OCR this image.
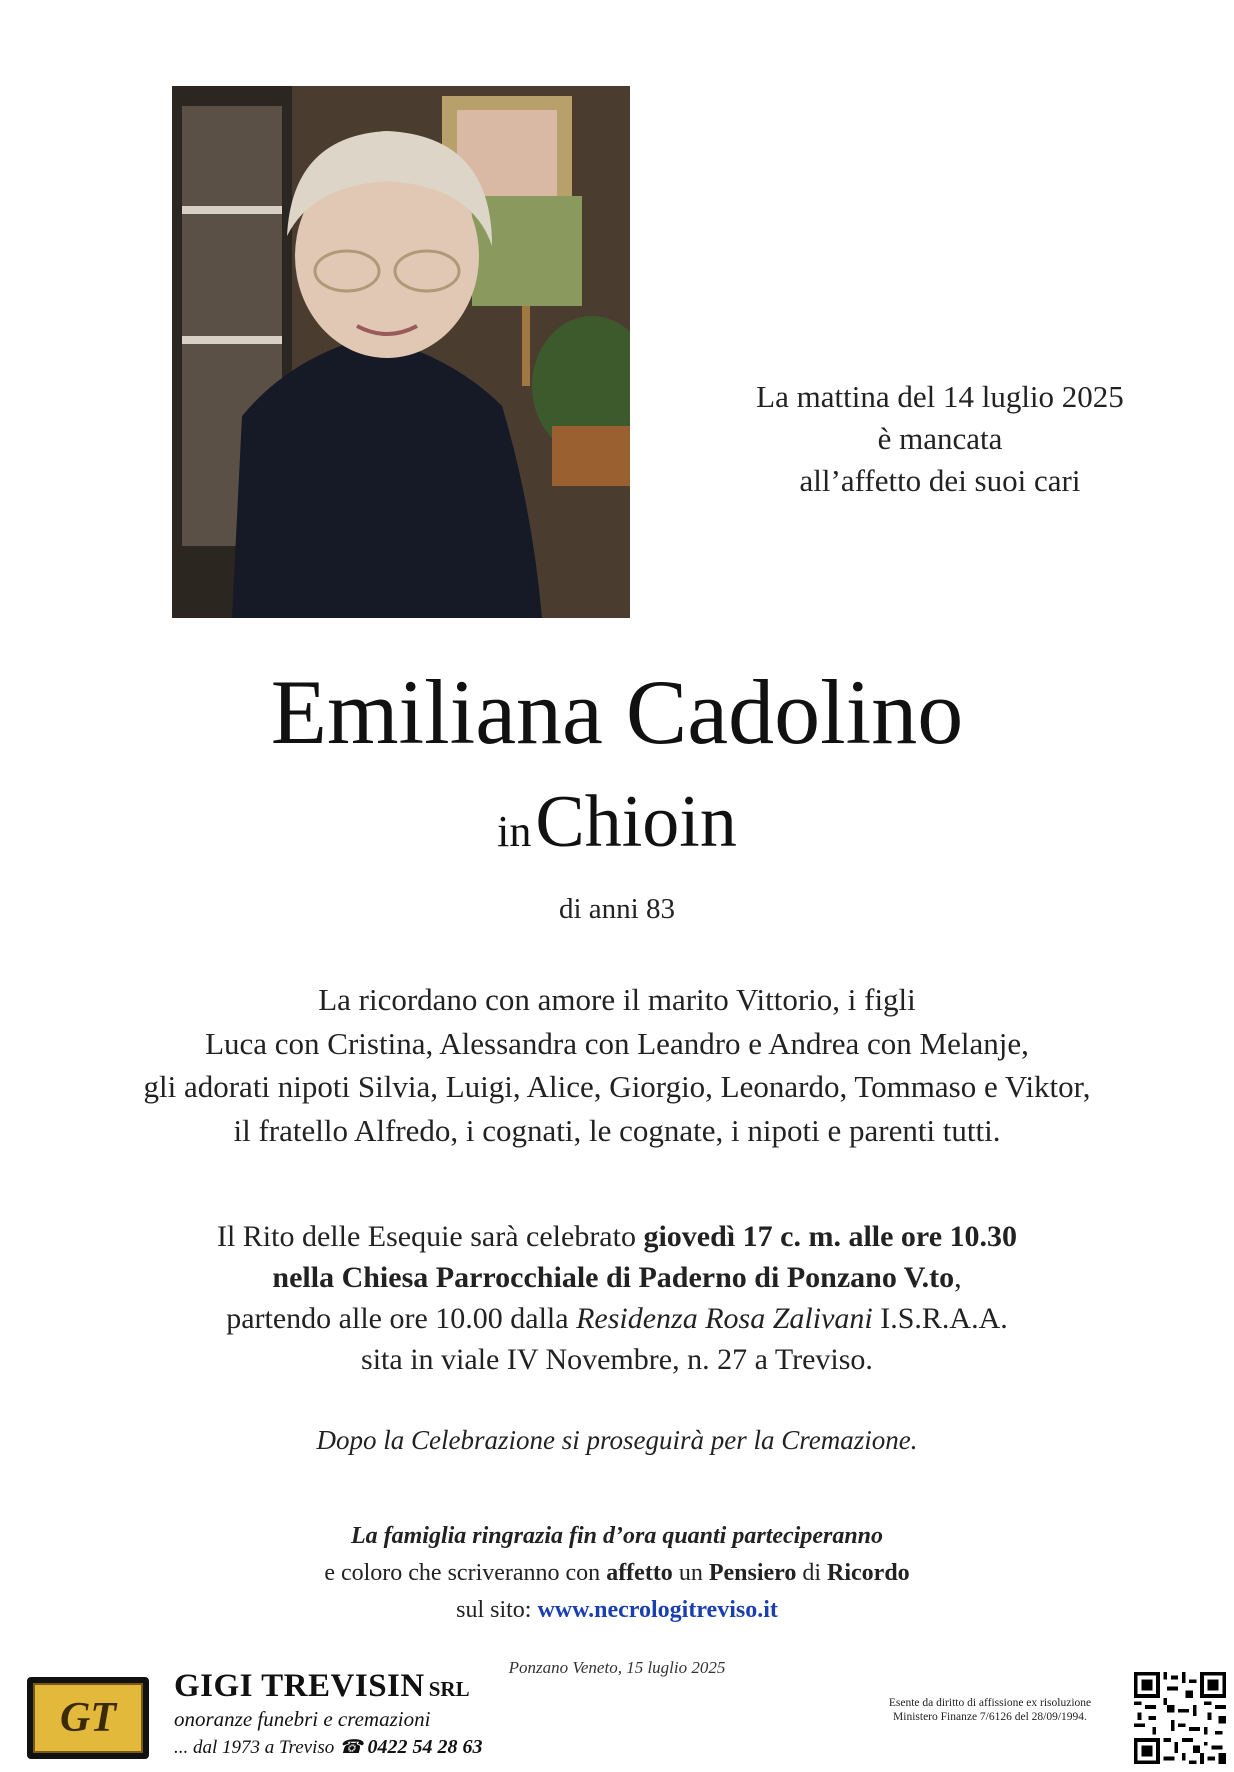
La mattina del 14 luglio 2025
è mancata
all’affetto dei suoi cari
Emiliana Cadolino
in Chioin
di anni 83
La ricordano con amore il marito Vittorio, i figli
Luca con Cristina, Alessandra con Leandro e Andrea con Melanje,
gli adorati nipoti Silvia, Luigi, Alice, Giorgio, Leonardo, Tommaso e Viktor,
il fratello Alfredo, i cognati, le cognate, i nipoti e parenti tutti.
Il Rito delle Esequie sarà celebrato giovedì 17 c. m. alle ore 10.30
nella Chiesa Parrocchiale di Paderno di Ponzano V.to,
partendo alle ore 10.00 dalla Residenza Rosa Zalivani I.S.R.A.A.
sita in viale IV Novembre, n. 27 a Treviso.
Dopo la Celebrazione si proseguirà per la Cremazione.
La famiglia ringrazia fin d’ora quanti parteciperanno
e coloro che scriveranno con affetto un Pensiero di Ricordo
sul sito: www.necrologitreviso.it
Ponzano Veneto, 15 luglio 2025
GT
GIGI TREVISIN SRL
onoranze funebri e cremazioni
... dal 1973 a Treviso ☎ 0422 54 28 63
Esente da diritto di affissione ex risoluzione
Ministero Finanze 7/6126 del 28/09/1994.
